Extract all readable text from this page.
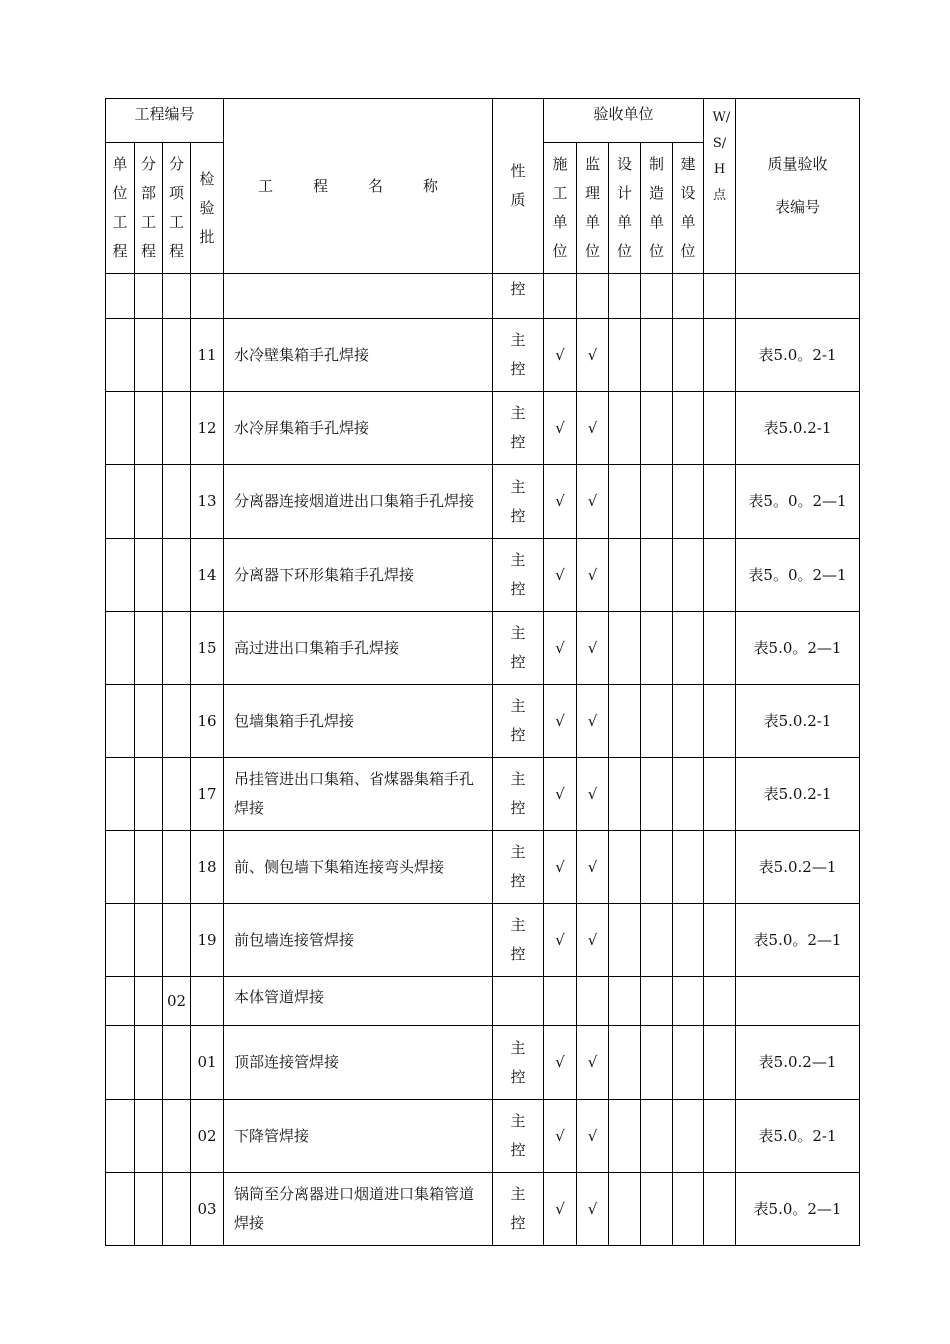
工程编号				工程名称	性质	验收单位					W/S/H点	质量验收表编号

单位工程	分部工程	分项工程	检验批			施工单位	监理单位	设计单位	制造单位	建设单位		

					控							
			11	水冷壁集箱手孔焊接	主控	√	√					表5.0。2-1
			12	水冷屏集箱手孔焊接	主控	√	√					表5.0.2-1
			13	分离器连接烟道进出口集箱手孔焊接	主控	√	√					表5。0。2—1
			14	分离器下环形集箱手孔焊接	主控	√	√					表5。0。2—1
			15	高过进出口集箱手孔焊接	主控	√	√					表5.0。2—1
			16	包墙集箱手孔焊接	主控	√	√					表5.0.2-1
			17	吊挂管进出口集箱、省煤器集箱手孔焊接	主控	√	√					表5.0.2-1
			18	前、侧包墙下集箱连接弯头焊接	主控	√	√					表5.0.2—1
			19	前包墙连接管焊接	主控	√	√					表5.0。2—1
		02		本体管道焊接								
			01	顶部连接管焊接	主控	√	√					表5.0.2—1
			02	下降管焊接	主控	√	√					表5.0。2-1
			03	锅筒至分离器进口烟道进口集箱管道焊接	主控	√	√					表5.0。2—1
